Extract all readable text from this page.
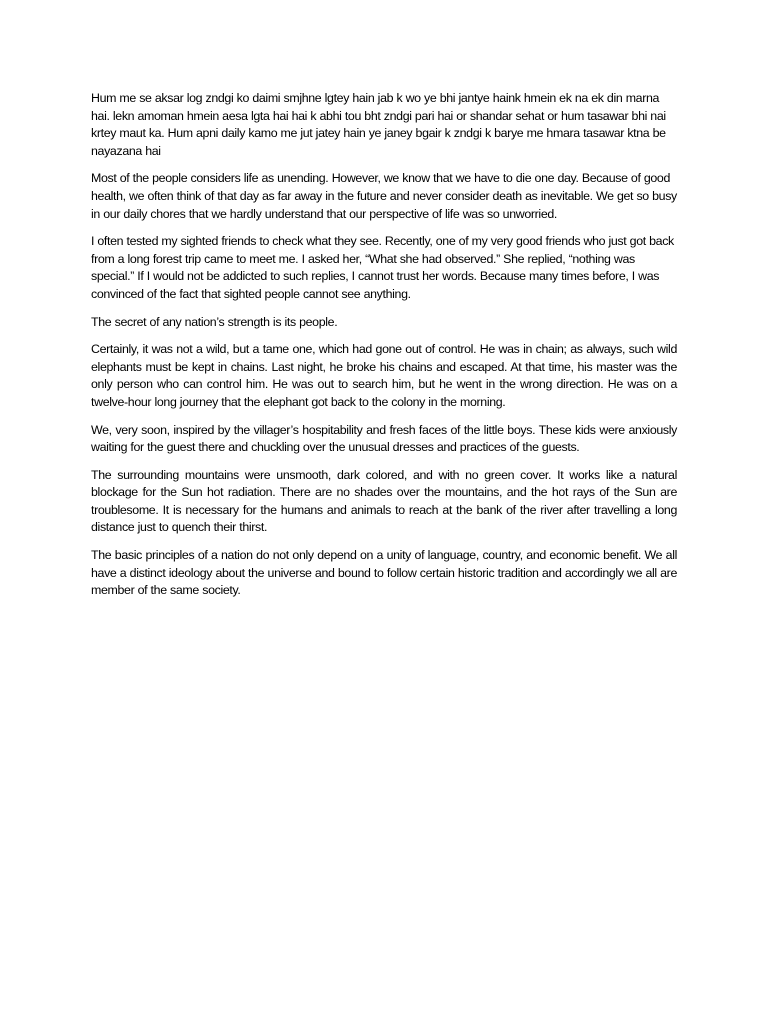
Hum me se aksar log zndgi ko daimi smjhne lgtey hain jab k wo ye bhi jantye haink hmein ek na ek din marna hai. lekn amoman hmein aesa lgta hai hai k abhi tou bht zndgi pari hai or shandar sehat or hum tasawar bhi nai krtey maut ka. Hum apni daily kamo me jut jatey hain ye janey bgair k zndgi k barye me hmara tasawar ktna be nayazana hai

Most of the people considers life as unending. However, we know that we have to die one day. Because of good health, we often think of that day as far away in the future and never consider death as inevitable. We get so busy in our daily chores that we hardly understand that our perspective of life was so unworried.

I often tested my sighted friends to check what they see. Recently, one of my very good friends who just got back from a long forest trip came to meet me. I asked her, “What she had observed.” She replied, “nothing was special.” If I would not be addicted to such replies, I cannot trust her words. Because many times before, I was convinced of the fact that sighted people cannot see anything.

The secret of any nation’s strength is its people.

Certainly, it was not a wild, but a tame one, which had gone out of control. He was in chain; as always, such wild elephants must be kept in chains. Last night, he broke his chains and escaped. At that time, his master was the only person who can control him. He was out to search him, but he went in the wrong direction. He was on a twelve-hour long journey that the elephant got back to the colony in the morning.

We, very soon, inspired by the villager’s hospitability and fresh faces of the little boys. These kids were anxiously waiting for the guest there and chuckling over the unusual dresses and practices of the guests.

The surrounding mountains were unsmooth, dark colored, and with no green cover. It works like a natural blockage for the Sun hot radiation. There are no shades over the mountains, and the hot rays of the Sun are troublesome. It is necessary for the humans and animals to reach at the bank of the river after travelling a long distance just to quench their thirst.

The basic principles of a nation do not only depend on a unity of language, country, and economic benefit. We all have a distinct ideology about the universe and bound to follow certain historic tradition and accordingly we all are member of the same society.
